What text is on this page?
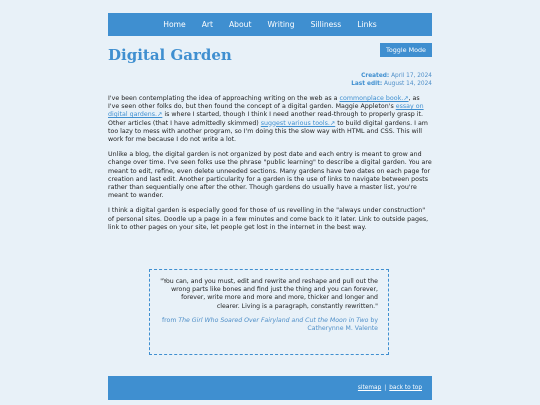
Home Art About Writing Silliness Links
Digital Garden	Toggle Mode
Created: April 17, 2024
Last edit: August 14, 2024

I've been contemplating the idea of approaching writing on the web as a commonplace book.↗, as I've seen other folks do, but then found the concept of a digital garden. Maggie Appleton's essay on digital gardens.↗ is where I started, though I think I need another read-through to properly grasp it. Other articles (that I have admittedly skimmed) suggest various tools.↗ to build digital gardens. I am too lazy to mess with another program, so I'm doing this the slow way with HTML and CSS. This will work for me because I do not write a lot.

Unlike a blog, the digital garden is not organized by post date and each entry is meant to grow and change over time. I've seen folks use the phrase "public learning" to describe a digital garden. You are meant to edit, refine, even delete unneeded sections. Many gardens have two dates on each page for creation and last edit. Another particularity for a garden is the use of links to navigate between posts rather than sequentially one after the other. Though gardens do usually have a master list, you're meant to wander.

I think a digital garden is especially good for those of us revelling in the "always under construction" of personal sites. Doodle up a page in a few minutes and come back to it later. Link to outside pages, link to other pages on your site, let people get lost in the internet in the best way.

"You can, and you must, edit and rewrite and reshape and pull out the wrong parts like bones and find just the thing and you can forever, forever, write more and more and more, thicker and longer and clearer. Living is a paragraph, constantly rewritten."

from The Girl Who Soared Over Fairyland and Cut the Moon in Two by Catherynne M. Valente

sitemap | back to top
